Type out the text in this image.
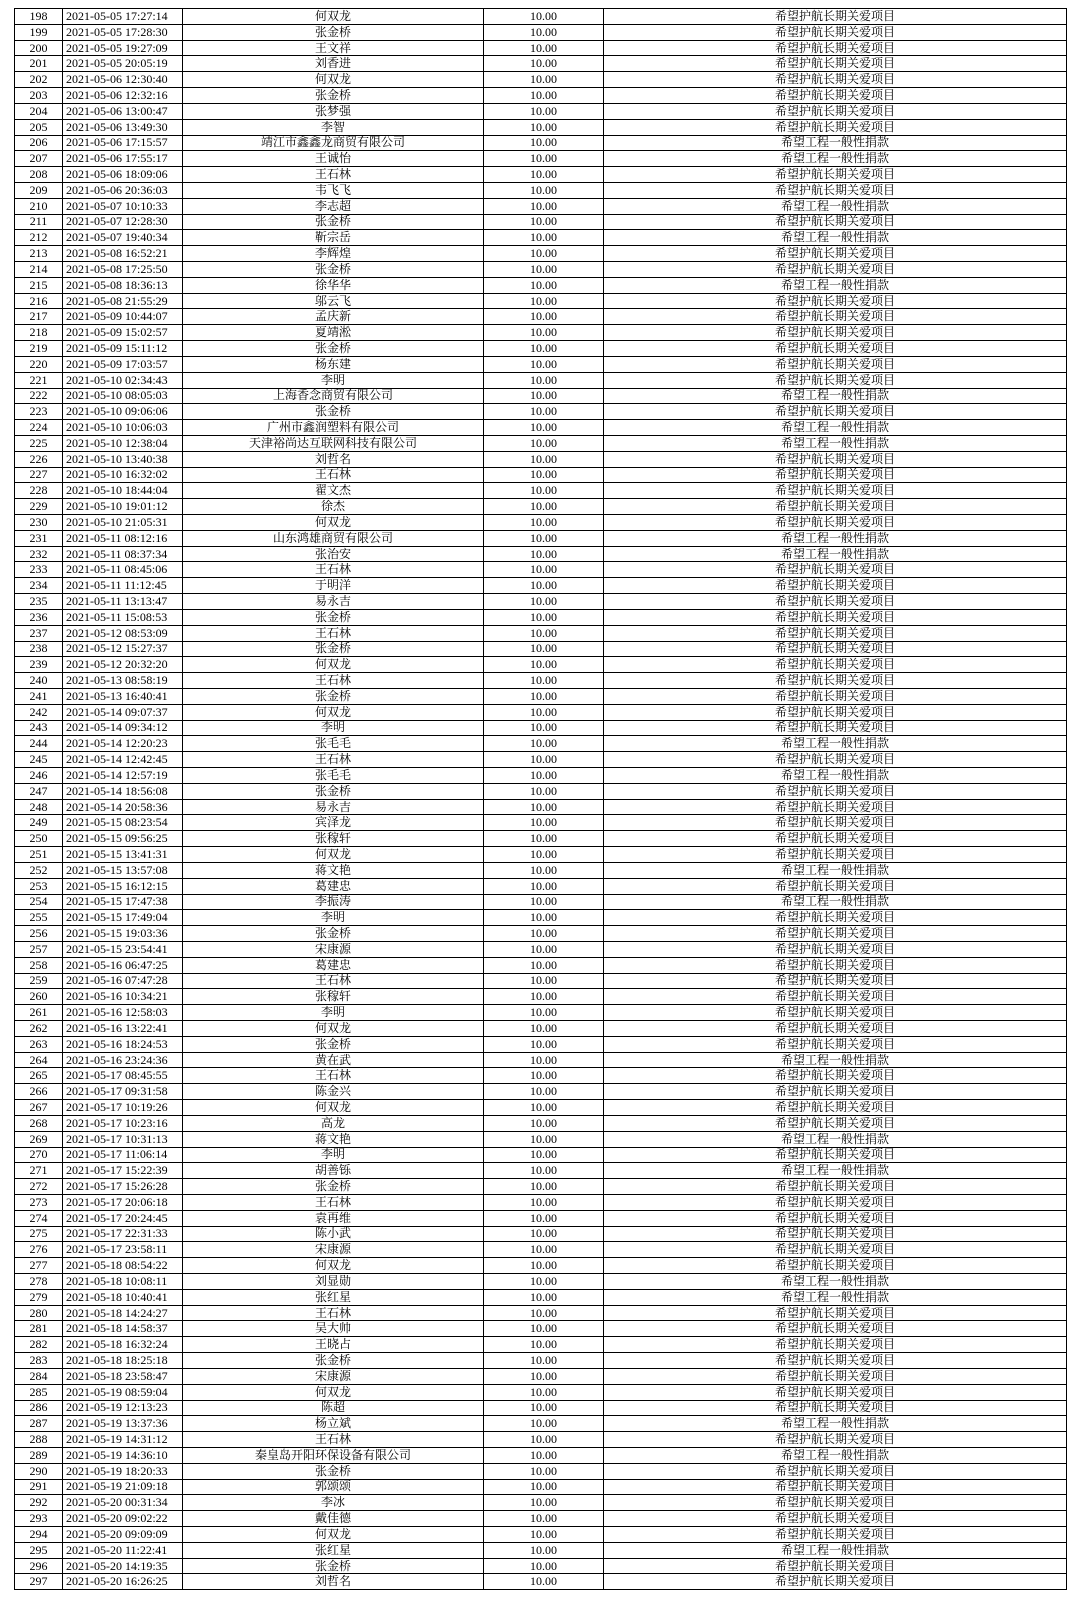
198	2021-05-05 17:27:14	何双龙	10.00	希望护航长期关爱项目
199	2021-05-05 17:28:30	张金桥	10.00	希望护航长期关爱项目
200	2021-05-05 19:27:09	王文祥	10.00	希望护航长期关爱项目
201	2021-05-05 20:05:19	刘香进	10.00	希望护航长期关爱项目
202	2021-05-06 12:30:40	何双龙	10.00	希望护航长期关爱项目
203	2021-05-06 12:32:16	张金桥	10.00	希望护航长期关爱项目
204	2021-05-06 13:00:47	张梦强	10.00	希望护航长期关爱项目
205	2021-05-06 13:49:30	李智	10.00	希望护航长期关爱项目
206	2021-05-06 17:15:57	靖江市鑫鑫龙商贸有限公司	10.00	希望工程一般性捐款
207	2021-05-06 17:55:17	王诚怡	10.00	希望工程一般性捐款
208	2021-05-06 18:09:06	王石林	10.00	希望护航长期关爱项目
209	2021-05-06 20:36:03	韦飞飞	10.00	希望护航长期关爱项目
210	2021-05-07 10:10:33	李志超	10.00	希望工程一般性捐款
211	2021-05-07 12:28:30	张金桥	10.00	希望护航长期关爱项目
212	2021-05-07 19:40:34	靳宗岳	10.00	希望工程一般性捐款
213	2021-05-08 16:52:21	李辉煌	10.00	希望护航长期关爱项目
214	2021-05-08 17:25:50	张金桥	10.00	希望护航长期关爱项目
215	2021-05-08 18:36:13	徐华华	10.00	希望工程一般性捐款
216	2021-05-08 21:55:29	邬云飞	10.00	希望护航长期关爱项目
217	2021-05-09 10:44:07	孟庆新	10.00	希望护航长期关爱项目
218	2021-05-09 15:02:57	夏靖淞	10.00	希望护航长期关爱项目
219	2021-05-09 15:11:12	张金桥	10.00	希望护航长期关爱项目
220	2021-05-09 17:03:57	杨东建	10.00	希望护航长期关爱项目
221	2021-05-10 02:34:43	李明	10.00	希望护航长期关爱项目
222	2021-05-10 08:05:03	上海香念商贸有限公司	10.00	希望工程一般性捐款
223	2021-05-10 09:06:06	张金桥	10.00	希望护航长期关爱项目
224	2021-05-10 10:06:03	广州市鑫润塑料有限公司	10.00	希望工程一般性捐款
225	2021-05-10 12:38:04	天津裕尚达互联网科技有限公司	10.00	希望工程一般性捐款
226	2021-05-10 13:40:38	刘哲名	10.00	希望护航长期关爱项目
227	2021-05-10 16:32:02	王石林	10.00	希望护航长期关爱项目
228	2021-05-10 18:44:04	翟文杰	10.00	希望护航长期关爱项目
229	2021-05-10 19:01:12	徐杰	10.00	希望护航长期关爱项目
230	2021-05-10 21:05:31	何双龙	10.00	希望护航长期关爱项目
231	2021-05-11 08:12:16	山东鸿雄商贸有限公司	10.00	希望工程一般性捐款
232	2021-05-11 08:37:34	张治安	10.00	希望工程一般性捐款
233	2021-05-11 08:45:06	王石林	10.00	希望护航长期关爱项目
234	2021-05-11 11:12:45	于明洋	10.00	希望护航长期关爱项目
235	2021-05-11 13:13:47	易永吉	10.00	希望护航长期关爱项目
236	2021-05-11 15:08:53	张金桥	10.00	希望护航长期关爱项目
237	2021-05-12 08:53:09	王石林	10.00	希望护航长期关爱项目
238	2021-05-12 15:27:37	张金桥	10.00	希望护航长期关爱项目
239	2021-05-12 20:32:20	何双龙	10.00	希望护航长期关爱项目
240	2021-05-13 08:58:19	王石林	10.00	希望护航长期关爱项目
241	2021-05-13 16:40:41	张金桥	10.00	希望护航长期关爱项目
242	2021-05-14 09:07:37	何双龙	10.00	希望护航长期关爱项目
243	2021-05-14 09:34:12	李明	10.00	希望护航长期关爱项目
244	2021-05-14 12:20:23	张毛毛	10.00	希望工程一般性捐款
245	2021-05-14 12:42:45	王石林	10.00	希望护航长期关爱项目
246	2021-05-14 12:57:19	张毛毛	10.00	希望工程一般性捐款
247	2021-05-14 18:56:08	张金桥	10.00	希望护航长期关爱项目
248	2021-05-14 20:58:36	易永吉	10.00	希望护航长期关爱项目
249	2021-05-15 08:23:54	宾泽龙	10.00	希望护航长期关爱项目
250	2021-05-15 09:56:25	张稼轩	10.00	希望护航长期关爱项目
251	2021-05-15 13:41:31	何双龙	10.00	希望护航长期关爱项目
252	2021-05-15 13:57:08	蒋文艳	10.00	希望工程一般性捐款
253	2021-05-15 16:12:15	葛建忠	10.00	希望护航长期关爱项目
254	2021-05-15 17:47:38	李振涛	10.00	希望工程一般性捐款
255	2021-05-15 17:49:04	李明	10.00	希望护航长期关爱项目
256	2021-05-15 19:03:36	张金桥	10.00	希望护航长期关爱项目
257	2021-05-15 23:54:41	宋康源	10.00	希望护航长期关爱项目
258	2021-05-16 06:47:25	葛建忠	10.00	希望护航长期关爱项目
259	2021-05-16 07:47:28	王石林	10.00	希望护航长期关爱项目
260	2021-05-16 10:34:21	张稼轩	10.00	希望护航长期关爱项目
261	2021-05-16 12:58:03	李明	10.00	希望护航长期关爱项目
262	2021-05-16 13:22:41	何双龙	10.00	希望护航长期关爱项目
263	2021-05-16 18:24:53	张金桥	10.00	希望护航长期关爱项目
264	2021-05-16 23:24:36	黄在武	10.00	希望工程一般性捐款
265	2021-05-17 08:45:55	王石林	10.00	希望护航长期关爱项目
266	2021-05-17 09:31:58	陈金兴	10.00	希望护航长期关爱项目
267	2021-05-17 10:19:26	何双龙	10.00	希望护航长期关爱项目
268	2021-05-17 10:23:16	高龙	10.00	希望护航长期关爱项目
269	2021-05-17 10:31:13	蒋文艳	10.00	希望工程一般性捐款
270	2021-05-17 11:06:14	李明	10.00	希望护航长期关爱项目
271	2021-05-17 15:22:39	胡善铄	10.00	希望工程一般性捐款
272	2021-05-17 15:26:28	张金桥	10.00	希望护航长期关爱项目
273	2021-05-17 20:06:18	王石林	10.00	希望护航长期关爱项目
274	2021-05-17 20:24:45	袁再维	10.00	希望护航长期关爱项目
275	2021-05-17 22:31:33	陈小武	10.00	希望护航长期关爱项目
276	2021-05-17 23:58:11	宋康源	10.00	希望护航长期关爱项目
277	2021-05-18 08:54:22	何双龙	10.00	希望护航长期关爱项目
278	2021-05-18 10:08:11	刘显勋	10.00	希望工程一般性捐款
279	2021-05-18 10:40:41	张红星	10.00	希望工程一般性捐款
280	2021-05-18 14:24:27	王石林	10.00	希望护航长期关爱项目
281	2021-05-18 14:58:37	吴大帅	10.00	希望护航长期关爱项目
282	2021-05-18 16:32:24	王晓占	10.00	希望护航长期关爱项目
283	2021-05-18 18:25:18	张金桥	10.00	希望护航长期关爱项目
284	2021-05-18 23:58:47	宋康源	10.00	希望护航长期关爱项目
285	2021-05-19 08:59:04	何双龙	10.00	希望护航长期关爱项目
286	2021-05-19 12:13:23	陈超	10.00	希望护航长期关爱项目
287	2021-05-19 13:37:36	杨立斌	10.00	希望工程一般性捐款
288	2021-05-19 14:31:12	王石林	10.00	希望护航长期关爱项目
289	2021-05-19 14:36:10	秦皇岛开阳环保设备有限公司	10.00	希望工程一般性捐款
290	2021-05-19 18:20:33	张金桥	10.00	希望护航长期关爱项目
291	2021-05-19 21:09:18	郭颂颂	10.00	希望护航长期关爱项目
292	2021-05-20 00:31:34	李冰	10.00	希望护航长期关爱项目
293	2021-05-20 09:02:22	戴佳德	10.00	希望护航长期关爱项目
294	2021-05-20 09:09:09	何双龙	10.00	希望护航长期关爱项目
295	2021-05-20 11:22:41	张红星	10.00	希望工程一般性捐款
296	2021-05-20 14:19:35	张金桥	10.00	希望护航长期关爱项目
297	2021-05-20 16:26:25	刘哲名	10.00	希望护航长期关爱项目
